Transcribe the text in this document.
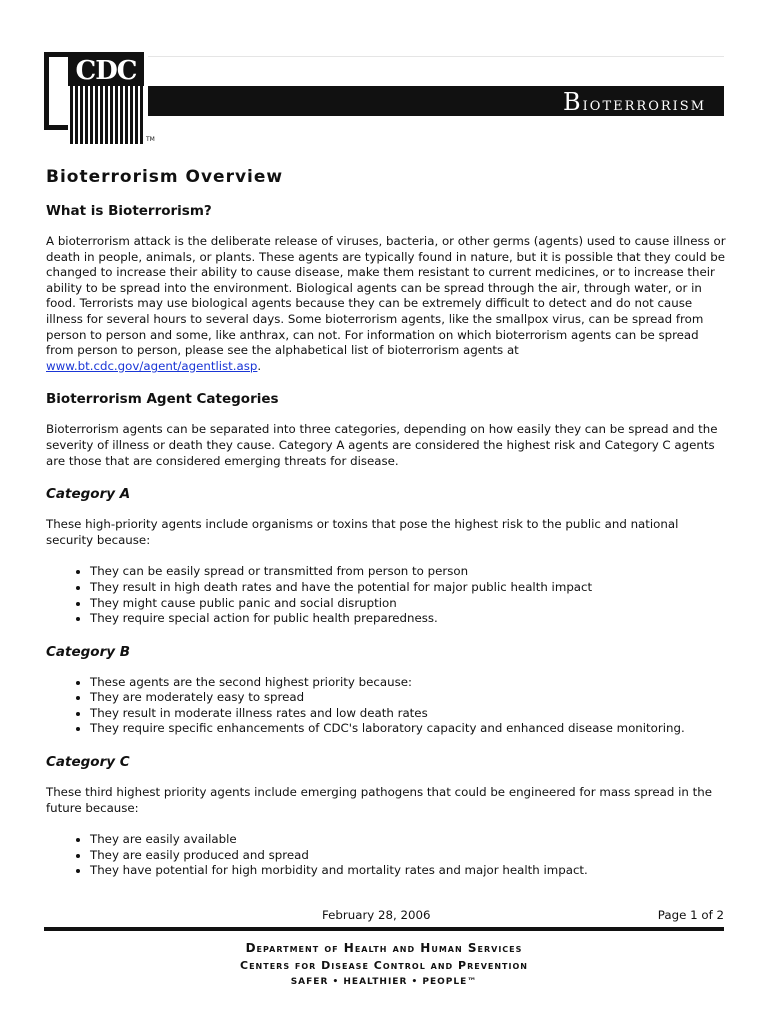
CDC
TM
Bioterrorism
Bioterrorism Overview
What is Bioterrorism?

A bioterrorism attack is the deliberate release of viruses, bacteria, or other germs (agents) used to cause illness or death in people, animals, or plants. These agents are typically found in nature, but it is possible that they could be changed to increase their ability to cause disease, make them resistant to current medicines, or to increase their ability to be spread into the environment. Biological agents can be spread through the air, through water, or in food. Terrorists may use biological agents because they can be extremely difficult to detect and do not cause illness for several hours to several days. Some bioterrorism agents, like the smallpox virus, can be spread from person to person and some, like anthrax, can not. For information on which bioterrorism agents can be spread from person to person, please see the alphabetical list of bioterrorism agents at www.bt.cdc.gov/agent/agentlist.asp.

Bioterrorism Agent Categories

Bioterrorism agents can be separated into three categories, depending on how easily they can be spread and the severity of illness or death they cause. Category A agents are considered the highest risk and Category C agents are those that are considered emerging threats for disease.

Category A

These high-priority agents include organisms or toxins that pose the highest risk to the public and national security because:

• They can be easily spread or transmitted from person to person
• They result in high death rates and have the potential for major public health impact
• They might cause public panic and social disruption
• They require special action for public health preparedness.
Category B
• These agents are the second highest priority because:
• They are moderately easy to spread
• They result in moderate illness rates and low death rates
• They require specific enhancements of CDC's laboratory capacity and enhanced disease monitoring.
Category C

These third highest priority agents include emerging pathogens that could be engineered for mass spread in the future because:

• They are easily available
• They are easily produced and spread
• They have potential for high morbidity and mortality rates and major health impact.
February 28, 2006	Page 1 of 2
Department of Health and Human Services
Centers for Disease Control and Prevention
SAFER • HEALTHIER • PEOPLE™
